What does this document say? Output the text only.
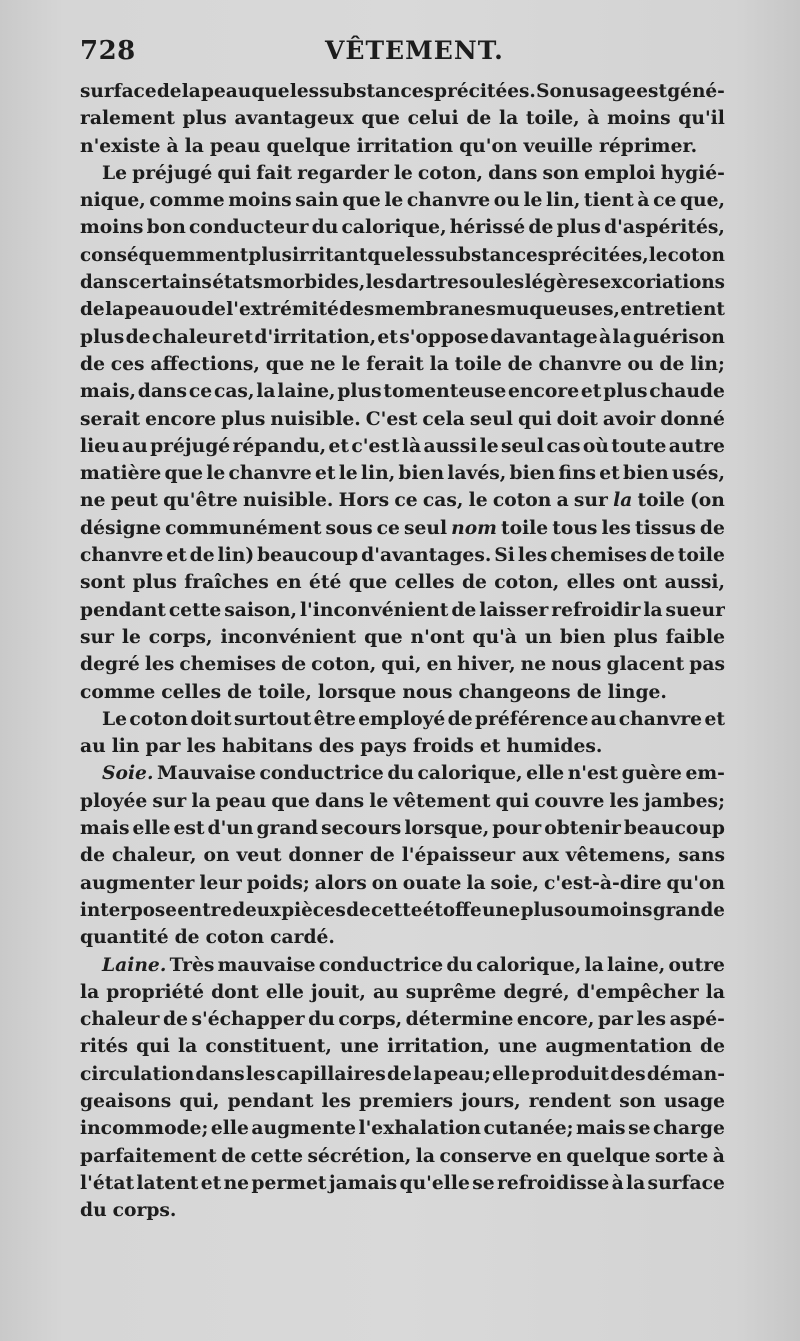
728	VÊTEMENT.
surface de la peau que les substances précitées. Son usage est géné-
ralement plus avantageux que celui de la toile, à moins qu'il
n'existe à la peau quelque irritation qu'on veuille réprimer.
Le préjugé qui fait regarder le coton, dans son emploi hygié-
nique, comme moins sain que le chanvre ou le lin, tient à ce que,
moins bon conducteur du calorique, hérissé de plus d'aspérités,
conséquemment plus irritant que les substances précitées, le coton
dans certains états morbides, les dartres ou les légères excoriations
de la peau ou de l'extrémité des membranes muqueuses, entretient
plus de chaleur et d'irritation, et s'oppose davantage à la guérison
de ces affections, que ne le ferait la toile de chanvre ou de lin;
mais, dans ce cas, la laine, plus tomenteuse encore et plus chaude
serait encore plus nuisible. C'est cela seul qui doit avoir donné
lieu au préjugé répandu, et c'est là aussi le seul cas où toute autre
matière que le chanvre et le lin, bien lavés, bien fins et bien usés,
ne peut qu'être nuisible. Hors ce cas, le coton a sur la toile (on
désigne communément sous ce seul nom toile tous les tissus de
chanvre et de lin) beaucoup d'avantages. Si les chemises de toile
sont plus fraîches en été que celles de coton, elles ont aussi,
pendant cette saison, l'inconvénient de laisser refroidir la sueur
sur le corps, inconvénient que n'ont qu'à un bien plus faible
degré les chemises de coton, qui, en hiver, ne nous glacent pas
comme celles de toile, lorsque nous changeons de linge.
Le coton doit surtout être employé de préférence au chanvre et
au lin par les habitans des pays froids et humides.
Soie. Mauvaise conductrice du calorique, elle n'est guère em-
ployée sur la peau que dans le vêtement qui couvre les jambes;
mais elle est d'un grand secours lorsque, pour obtenir beaucoup
de chaleur, on veut donner de l'épaisseur aux vêtemens, sans
augmenter leur poids; alors on ouate la soie, c'est-à-dire qu'on
interpose entre deux pièces de cette étoffe une plus ou moins grande
quantité de coton cardé.
Laine. Très mauvaise conductrice du calorique, la laine, outre
la propriété dont elle jouit, au suprême degré, d'empêcher la
chaleur de s'échapper du corps, détermine encore, par les aspé-
rités qui la constituent, une irritation, une augmentation de
circulation dans les capillaires de la peau; elle produit des déman-
geaisons qui, pendant les premiers jours, rendent son usage
incommode; elle augmente l'exhalation cutanée; mais se charge
parfaitement de cette sécrétion, la conserve en quelque sorte à
l'état latent et ne permet jamais qu'elle se refroidisse à la surface
du corps.
